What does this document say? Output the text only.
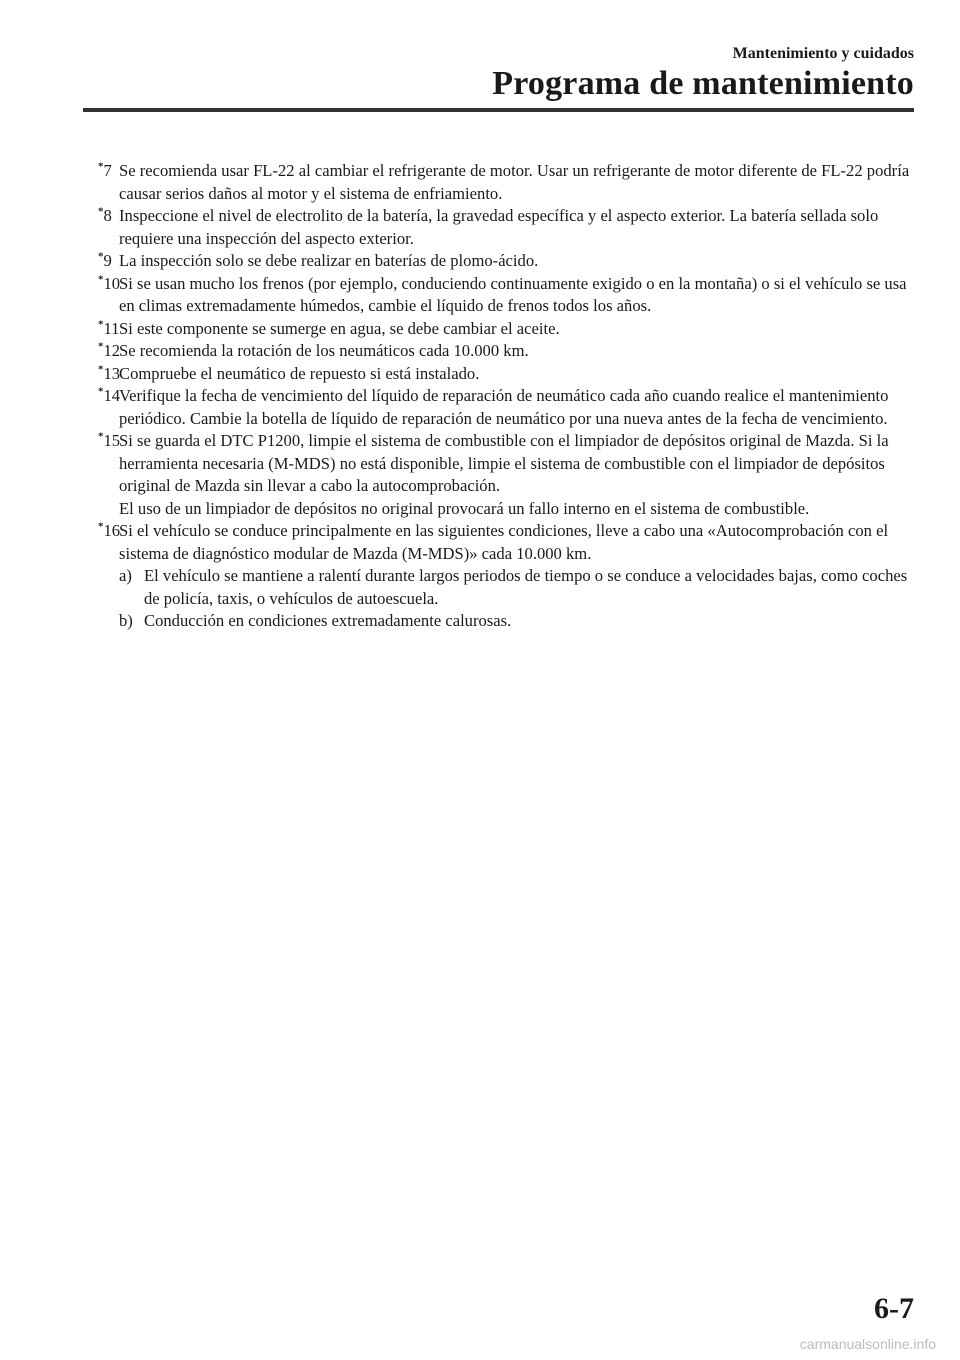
Mantenimiento y cuidados
Programa de mantenimiento
*7 Se recomienda usar FL-22 al cambiar el refrigerante de motor. Usar un refrigerante de motor diferente de FL-22 podría causar serios daños al motor y el sistema de enfriamiento.

*8 Inspeccione el nivel de electrolito de la batería, la gravedad específica y el aspecto exterior. La batería sellada solo requiere una inspección del aspecto exterior.

*9 La inspección solo se debe realizar en baterías de plomo-ácido.

*10

Si se usan mucho los frenos (por ejemplo, conduciendo continuamente exigido o en la montaña) o si el vehículo se usa en climas extremadamente húmedos, cambie el líquido de frenos todos los años.

*11 Si este componente se sumerge en agua, se debe cambiar el aceite.

*12

Se recomienda la rotación de los neumáticos cada 10.000 km.

*13

Compruebe el neumático de repuesto si está instalado.

*14

Verifique la fecha de vencimiento del líquido de reparación de neumático cada año cuando realice el mantenimiento periódico. Cambie la botella de líquido de reparación de neumático por una nueva antes de la fecha de vencimiento.

*15

Si se guarda el DTC P1200, limpie el sistema de combustible con el limpiador de depósitos original de Mazda. Si la herramienta necesaria (M-MDS) no está disponible, limpie el sistema de combustible con el limpiador de depósitos original de Mazda sin llevar a cabo la autocomprobación.

El uso de un limpiador de depósitos no original provocará un fallo interno en el sistema de combustible.

*16

Si el vehículo se conduce principalmente en las siguientes condiciones, lleve a cabo una «Autocomprobación con el sistema de diagnóstico modular de Mazda (M-MDS)» cada 10.000 km.

a) El vehículo se mantiene a ralentí durante largos periodos de tiempo o se conduce a velocidades bajas, como coches de policía, taxis, o vehículos de autoescuela.
b) Conducción en condiciones extremadamente calurosas.
6-7
carmanualsonline.info
